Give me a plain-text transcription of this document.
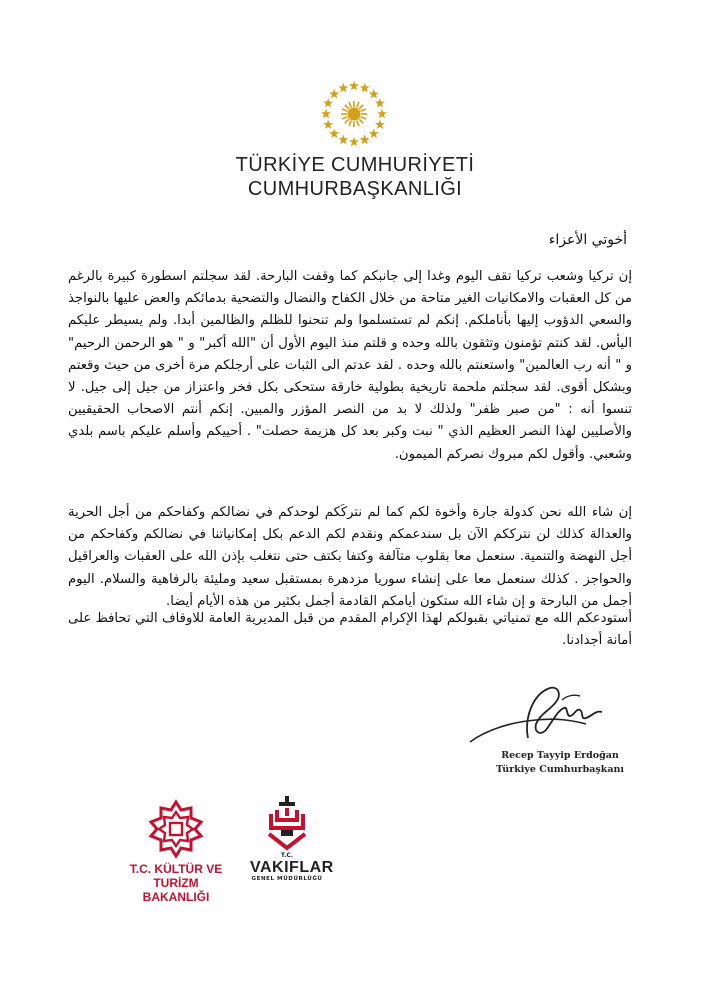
TÜRKİYE CUMHURİYETİ
CUMHURBAŞKANLIĞI
أخوتي الأعزاء

إن تركيا وشعب تركيا تقف اليوم وغدا إلى جانبكم كما وقفت البارحة. لقد سجلتم اسطورة كبيرة بالرغم من كل العقبات والامكانيات الغير متاحة من خلال الكفاح والنضال والتضحية بدمائكم والعض عليها بالنواجذ والسعي الدؤوب إليها بأناملكم. إنكم لم تستسلموا ولم تنحنوا للظلم والظالمين أبدا. ولم يسيطر عليكم اليأس. لقد كنتم تؤمنون وتثقون بالله وحده و قلتم منذ اليوم الأول أن "الله أكبر" و " هو الرحمن الرحيم" و " أنه رب العالمين" واستعنتم بالله وحده . لقد عدتم الى الثبات على أرجلكم مرة أخرى من حيث وقعتم وبشكل أقوى. لقد سجلتم ملحمة تاريخية بطولية خارقة ستحكى بكل فخر واعتزاز من جيل إلى جيل. لا تنسوا أنه : "من صبر ظفر" ولذلك لا بد من النصر المؤزر والمبين. إنكم أنتم الاصحاب الحقيقيين والأصليين لهذا النصر العظيم الذي " نبت وكبر بعد كل هزيمة حصلت" . أحييكم وأسلم عليكم باسم بلدي وشعبي. وأقول لكم مبروك نصركم الميمون.

إن شاء الله نحن كدولة جارة وأخوة لكم كما لم نتركَكم لوحدكم في نضالكم وكفاحكم من أجل الحرية والعدالة كذلك لن نترككم الآن بل سندعمكم ونقدم لكم الدعم بكل إمكانياتنا في نضالكم وكفاحكم من أجل النهضة والتنمية. سنعمل معا بقلوب متآلفة وكتفا بكتف حتى نتغلب بإذن الله على العقبات والعراقيل والحواجز . كذلك سنعمل معا على إنشاء سوريا مزدهرة بمستقبل سعيد ومليئة بالرفاهية والسلام. اليوم أجمل من البارحة و إن شاء الله ستكون أيامكم القادمة أجمل بكثير من هذه الأيام أيضا.

أستودعكم الله مع تمنياتي بقبولكم لهذا الإكرام المقدم من قبل المديرية العامة للاوقاف التي تحافظ على أمانة أجدادنا.

Recep Tayyip Erdoğan
Türkiye Cumhurbaşkanı
T.C. KÜLTÜR VE TURİZM
BAKANLIĞI
T.C.
VAKIFLAR
GENEL MÜDÜRLÜĞÜ
